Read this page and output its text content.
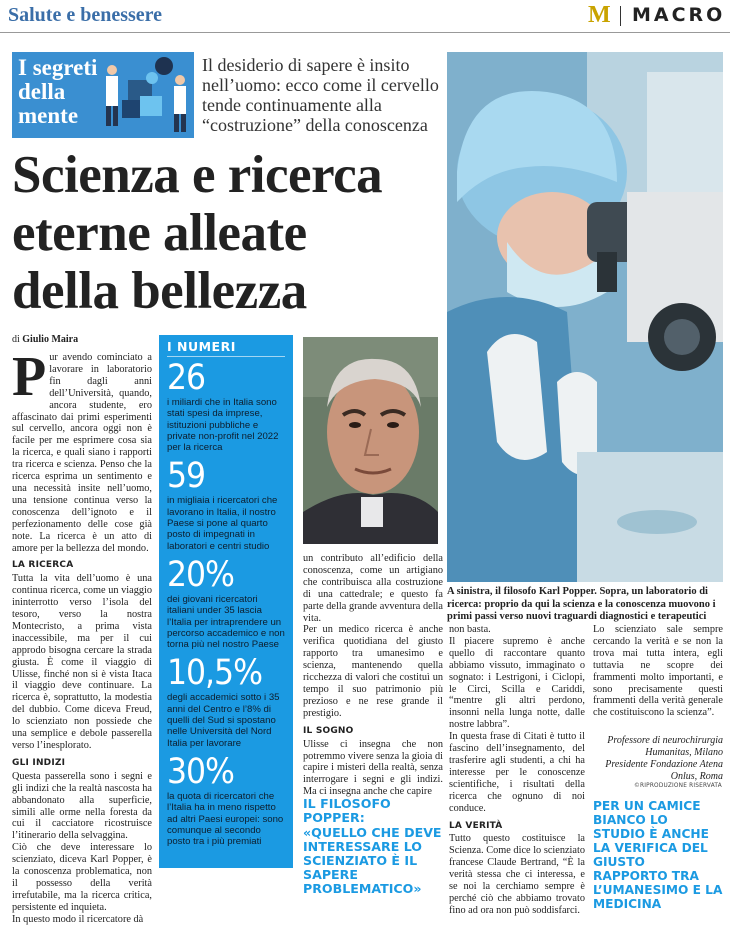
Salute e benessere	M MACRO
I segreti
della
mente
Il desiderio di sapere è insito nell’uomo: ecco come il cervello tende continuamente alla “costruzione” della conoscenza
Scienza e ricerca
eterne alleate
della bellezza
A sinistra, il filosofo Karl Popper. Sopra, un laboratorio di ricerca: proprio da qui la scienza e la conoscenza muovono i primi passi verso nuovi traguardi diagnostici e terapeutici
di Giulio Maira
P ur avendo cominciato a lavorare in laboratorio fin dagli anni dell’Università, quando, ancora studente, ero affascinato dai primi esperimenti sul cervello, ancora oggi non è facile per me esprimere cosa sia la ricerca, e quali siano i rapporti tra ricerca e scienza. Penso che la ricerca esprima un sentimento e una necessità insite nell’uomo, una tensione continua verso la conoscenza dell’ignoto e il perfezionamento delle cose già note. La ricerca è un atto di amore per la bellezza del mondo.

LA RICERCA

Tutta la vita dell’uomo è una continua ricerca, come un viaggio ininterrotto verso l’isola del tesoro, verso la nostra Montecristo, a prima vista inaccessibile, ma per il cui approdo bisogna cercare la strada giusta. È come il viaggio di Ulisse, finché non si è vista Itaca il viaggio deve continuare. La ricerca è, soprattutto, la modestia del dubbio. Come diceva Freud, lo scienziato non possiede che una semplice e debole passerella verso l’inesplorato.

GLI INDIZI

Questa passerella sono i segni e gli indizi che la realtà nascosta ha abbandonato alla superficie, simili alle orme nella foresta da cui il cacciatore ricostruisce l’itinerario della selvaggina.

Ciò che deve interessare lo scienziato, diceva Karl Popper, è la conoscenza problematica, non il possesso della verità irrefutabile, ma la ricerca critica, persistente ed inquieta.

In questo modo il ricercatore dà

I NUMERI
26
i miliardi che in Italia sono stati spesi da imprese, istituzioni pubbliche e private non-profit nel 2022 per la ricerca
59
in migliaia i ricercatori che lavorano in Italia, il nostro Paese si pone al quarto posto di impegnati in laboratori e centri studio
20%
dei giovani ricercatori italiani under 35 lascia l’Italia per intraprendere un percorso accademico e non torna più nel nostro Paese
10,5%
degli accademici sotto i 35 anni del Centro e l’8% di quelli del Sud si spostano nelle Università del Nord Italia per lavorare
30%
la quota di ricercatori che l’Italia ha in meno rispetto ad altri Paesi europei: sono comunque al secondo posto tra i più premiati

un contributo all’edificio della conoscenza, come un artigiano che contribuisca alla costruzione di una cattedrale; e questo fa parte della grande avventura della vita.

Per un medico ricerca è anche verifica quotidiana del giusto rapporto tra umanesimo e scienza, mantenendo quella ricchezza di valori che costituì un tempo il suo patrimonio più prezioso e ne rese grande il prestigio.

IL SOGNO

Ulisse ci insegna che non potremmo vivere senza la gioia di capire i misteri della realtà, senza interrogare i segni e gli indizi. Ma ci insegna anche che capire

IL FILOSOFO POPPER:
«QUELLO CHE DEVE INTERESSARE LO SCIENZIATO È IL SAPERE PROBLEMATICO»

non basta.

Il piacere supremo è anche quello di raccontare quanto abbiamo vissuto, immaginato o sognato: i Lestrigoni, i Ciclopi, le Circi, Scilla e Cariddi, “mentre gli altri perdono, insonni nella lunga notte, dalle nostre labbra”.

In questa frase di Citati è tutto il fascino dell’insegnamento, del trasferire agli studenti, a chi ha interesse per le conoscenze scientifiche, i risultati della ricerca che ognuno di noi conduce.

LA VERITÀ

Tutto questo costituisce la Scienza. Come dice lo scienziato francese Claude Bertrand, “È la verità stessa che ci interessa, e se noi la cerchiamo sempre è perché ciò che abbiamo trovato fino ad ora non può soddisfarci.

Lo scienziato sale sempre cercando la verità e se non la trova mai tutta intera, egli tuttavia ne scopre dei frammenti molto importanti, e sono precisamente questi frammenti della verità generale che costituiscono la scienza”.

Professore di neurochirurgia
Humanitas, Milano
Presidente Fondazione Atena
Onlus, Roma
©RIPRODUZIONE RISERVATA
PER UN CAMICE BIANCO LO STUDIO È ANCHE LA VERIFICA DEL GIUSTO RAPPORTO TRA L’UMANESIMO E LA MEDICINA
